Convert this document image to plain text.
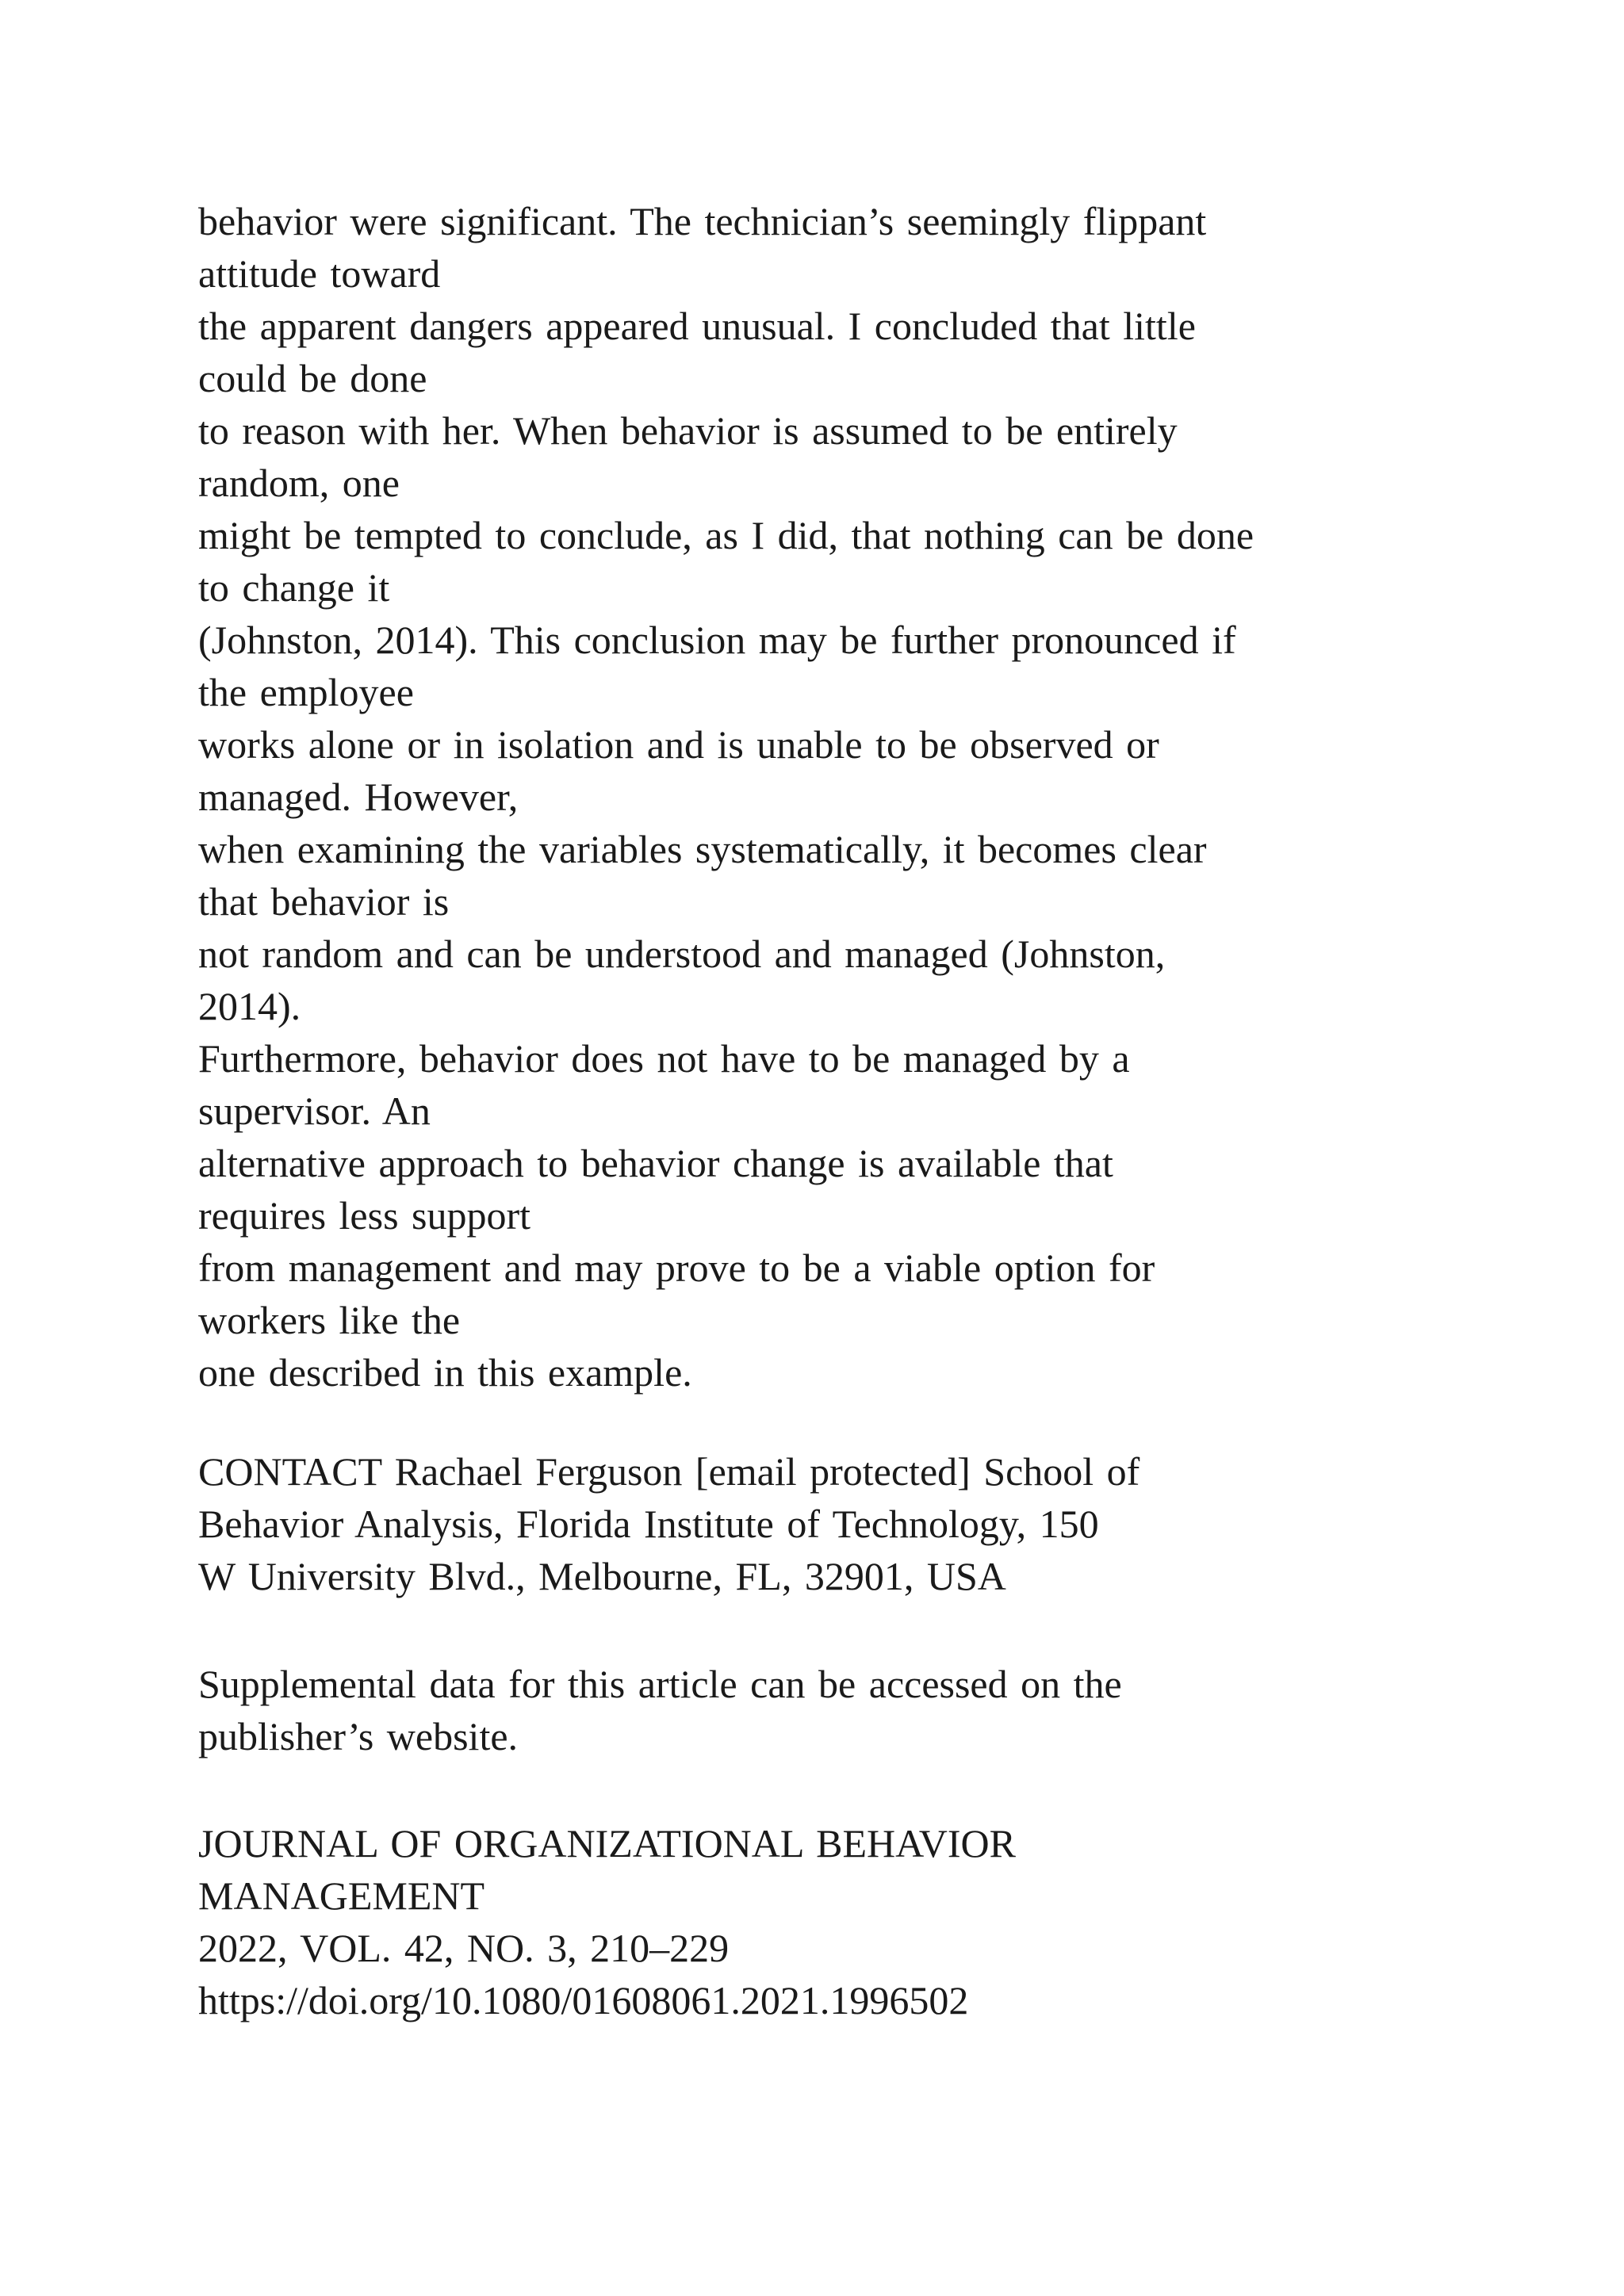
behavior were significant. The technician’s seemingly flippant
attitude toward
the apparent dangers appeared unusual. I concluded that little
could be done
to reason with her. When behavior is assumed to be entirely
random, one
might be tempted to conclude, as I did, that nothing can be done
to change it
(Johnston, 2014). This conclusion may be further pronounced if
the employee
works alone or in isolation and is unable to be observed or
managed. However,
when examining the variables systematically, it becomes clear
that behavior is
not random and can be understood and managed (Johnston,
2014).
Furthermore, behavior does not have to be managed by a
supervisor. An
alternative approach to behavior change is available that
requires less support
from management and may prove to be a viable option for
workers like the
one described in this example.
CONTACT Rachael Ferguson [email protected] School of
Behavior Analysis, Florida Institute of Technology, 150
W University Blvd., Melbourne, FL, 32901, USA
Supplemental data for this article can be accessed on the
publisher’s website.
JOURNAL OF ORGANIZATIONAL BEHAVIOR
MANAGEMENT
2022, VOL. 42, NO. 3, 210–229
https://doi.org/10.1080/01608061.2021.1996502
